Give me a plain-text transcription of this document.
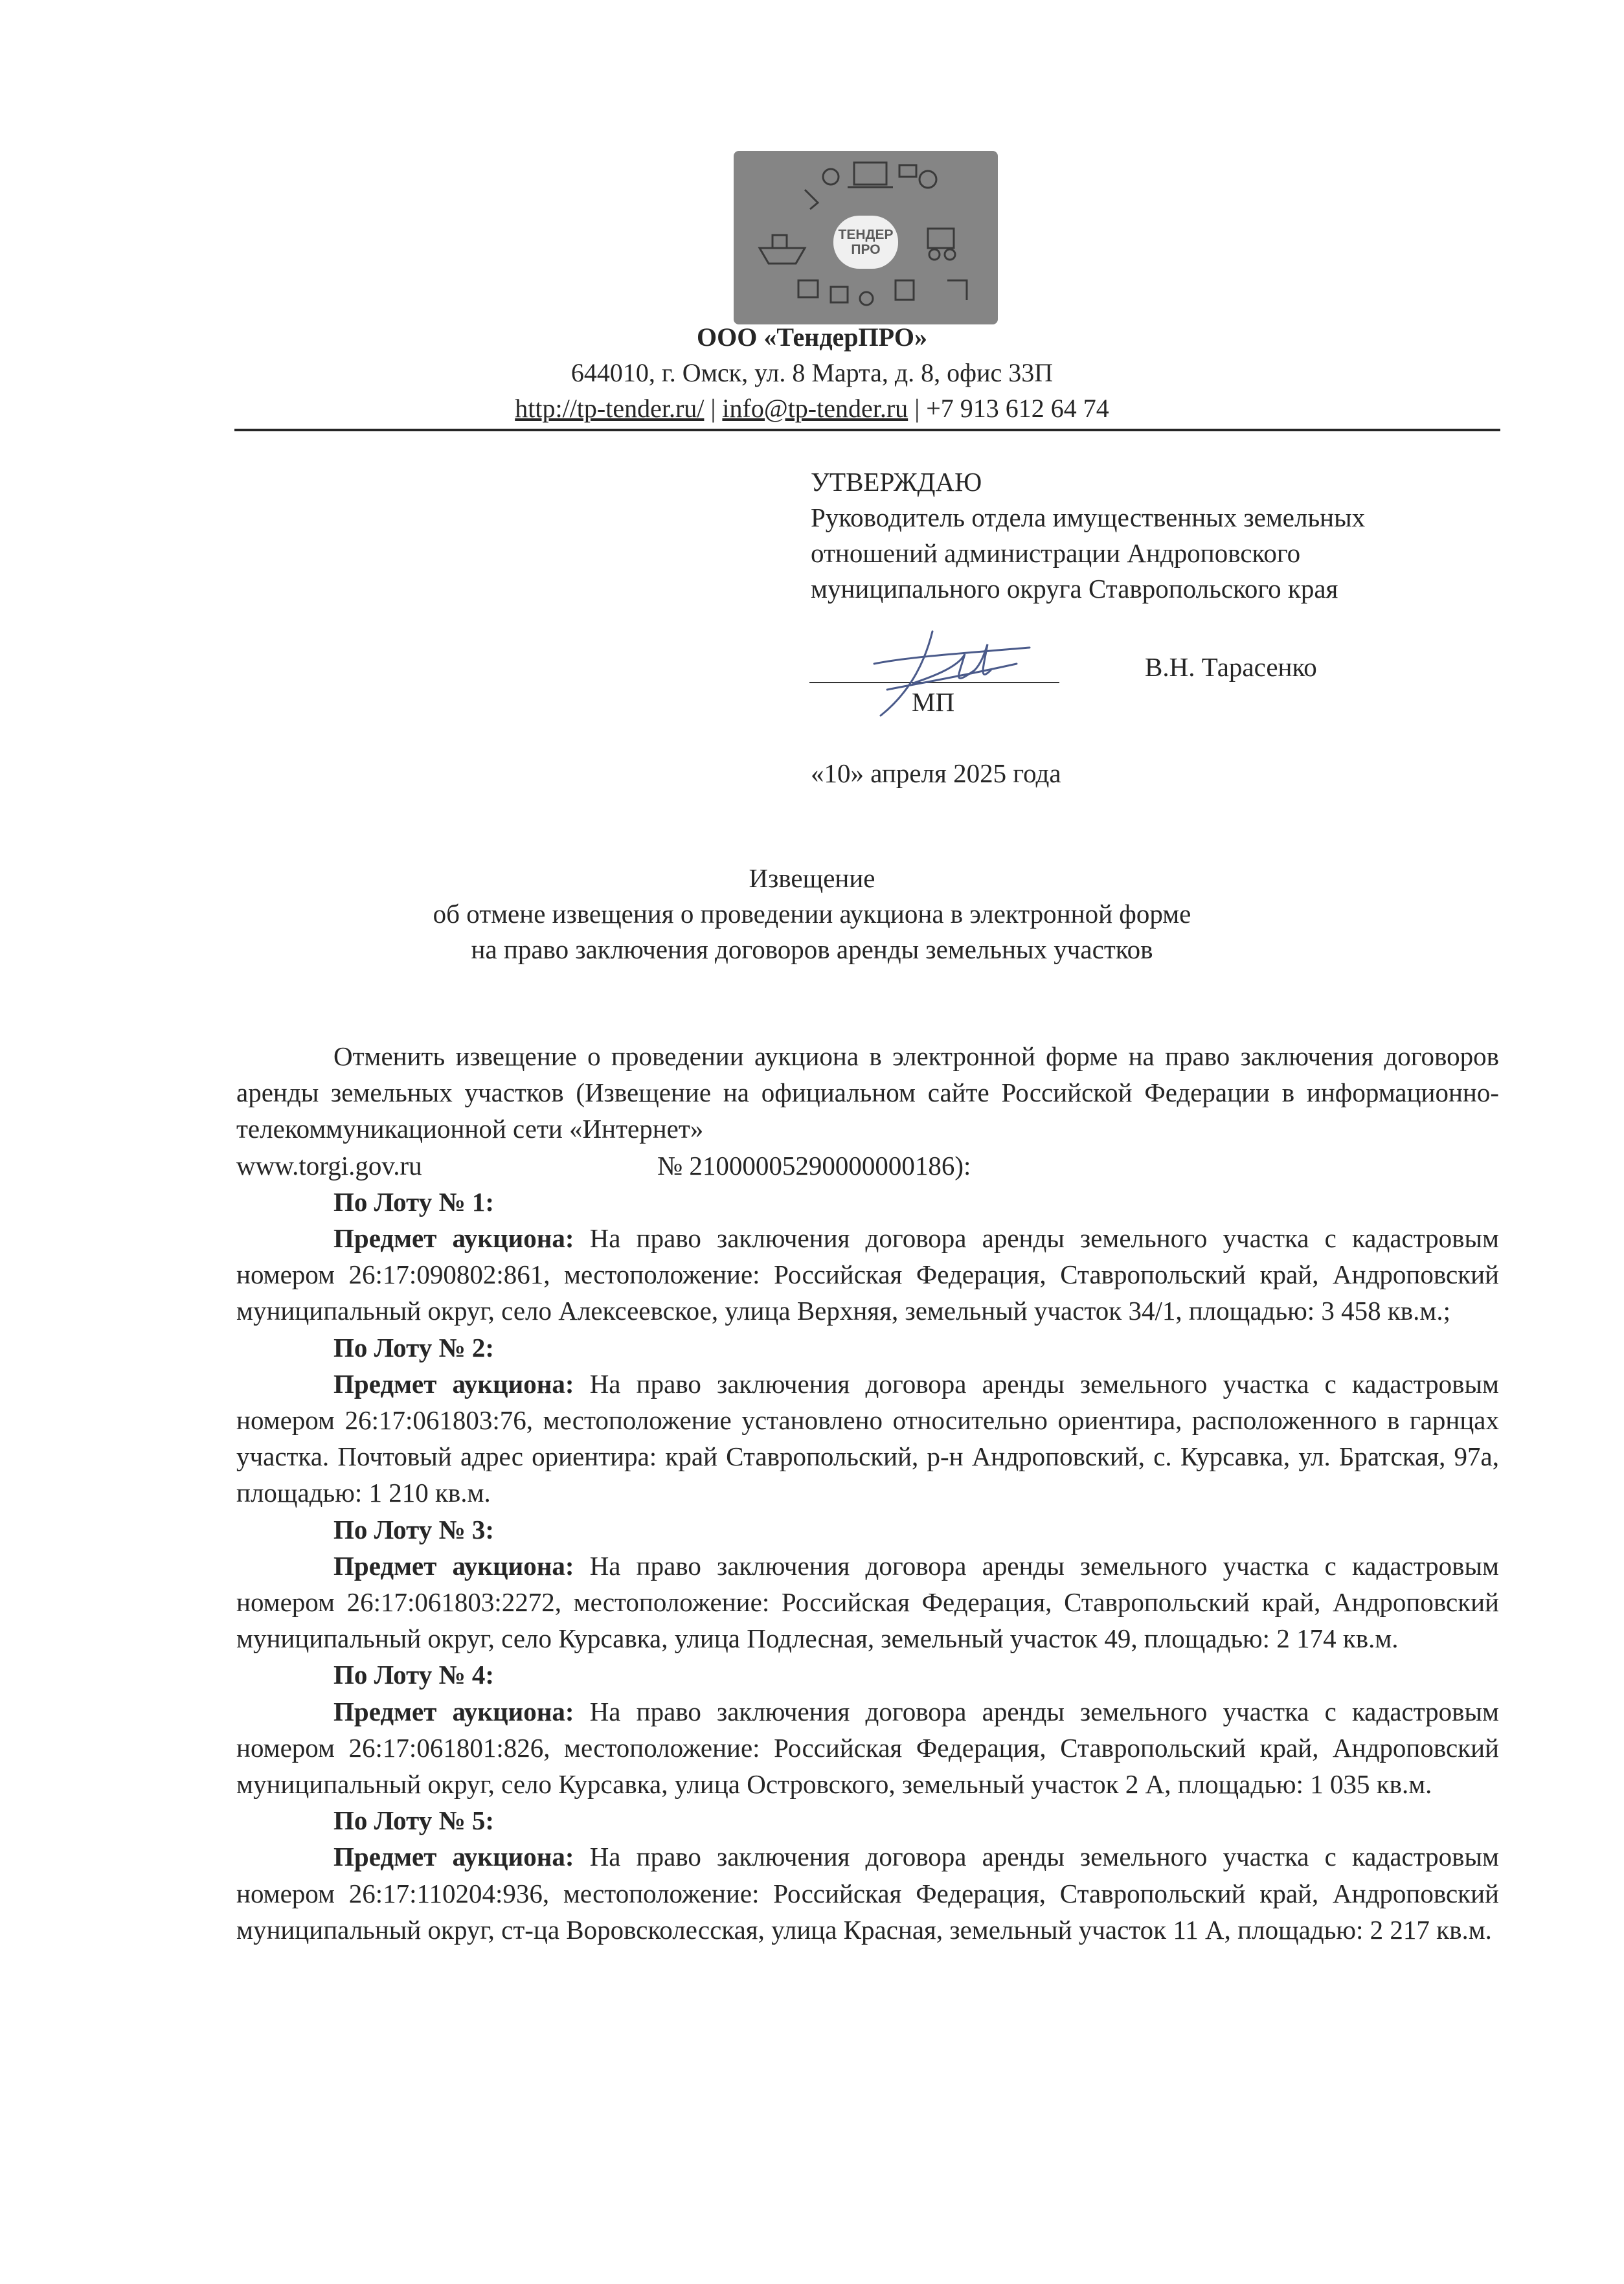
ТЕНДЕР
ПРО
ООО «ТендерПРО»
644010, г. Омск, ул. 8 Марта, д. 8, офис 33П
http://tp-tender.ru/ | info@tp-tender.ru | +7 913 612 64 74
УТВЕРЖДАЮ
Руководитель отдела имущественных земельных
отношений администрации Андроповского
муниципального округа Ставропольского края
В.Н. Тарасенко
МП
«10» апреля 2025 года
Извещение
об отмене извещения о проведении аукциона в электронной форме
на право заключения договоров аренды земельных участков

Отменить извещение о проведении аукциона в электронной форме на право заключения договоров аренды земельных участков (Извещение на официальном сайте Российской Федерации в информационно-телекоммуникационной сети «Интернет»

www.torgi.gov.ru	№ 21000005290000000186):

По Лоту № 1:

Предмет аукциона: На право заключения договора аренды земельного участка с кадастровым номером 26:17:090802:861, местоположение: Российская Федерация, Ставропольский край, Андроповский муниципальный округ, село Алексеевское, улица Верхняя, земельный участок 34/1, площадью: 3 458 кв.м.;

По Лоту № 2:

Предмет аукциона: На право заключения договора аренды земельного участка с кадастровым номером 26:17:061803:76, местоположение установлено относительно ориентира, расположенного в гарнцах участка. Почтовый адрес ориентира: край Ставропольский, р-н Андроповский, с. Курсавка, ул. Братская, 97а, площадью: 1 210 кв.м.

По Лоту № 3:

Предмет аукциона: На право заключения договора аренды земельного участка с кадастровым номером 26:17:061803:2272, местоположение: Российская Федерация, Ставропольский край, Андроповский муниципальный округ, село Курсавка, улица Подлесная, земельный участок 49, площадью: 2 174 кв.м.

По Лоту № 4:

Предмет аукциона: На право заключения договора аренды земельного участка с кадастровым номером 26:17:061801:826, местоположение: Российская Федерация, Ставропольский край, Андроповский муниципальный округ, село Курсавка, улица Островского, земельный участок 2 А, площадью: 1 035 кв.м.

По Лоту № 5:

Предмет аукциона: На право заключения договора аренды земельного участка с кадастровым номером 26:17:110204:936, местоположение: Российская Федерация, Ставропольский край, Андроповский муниципальный округ, ст-ца Воровсколесская, улица Красная, земельный участок 11 А, площадью: 2 217 кв.м.
